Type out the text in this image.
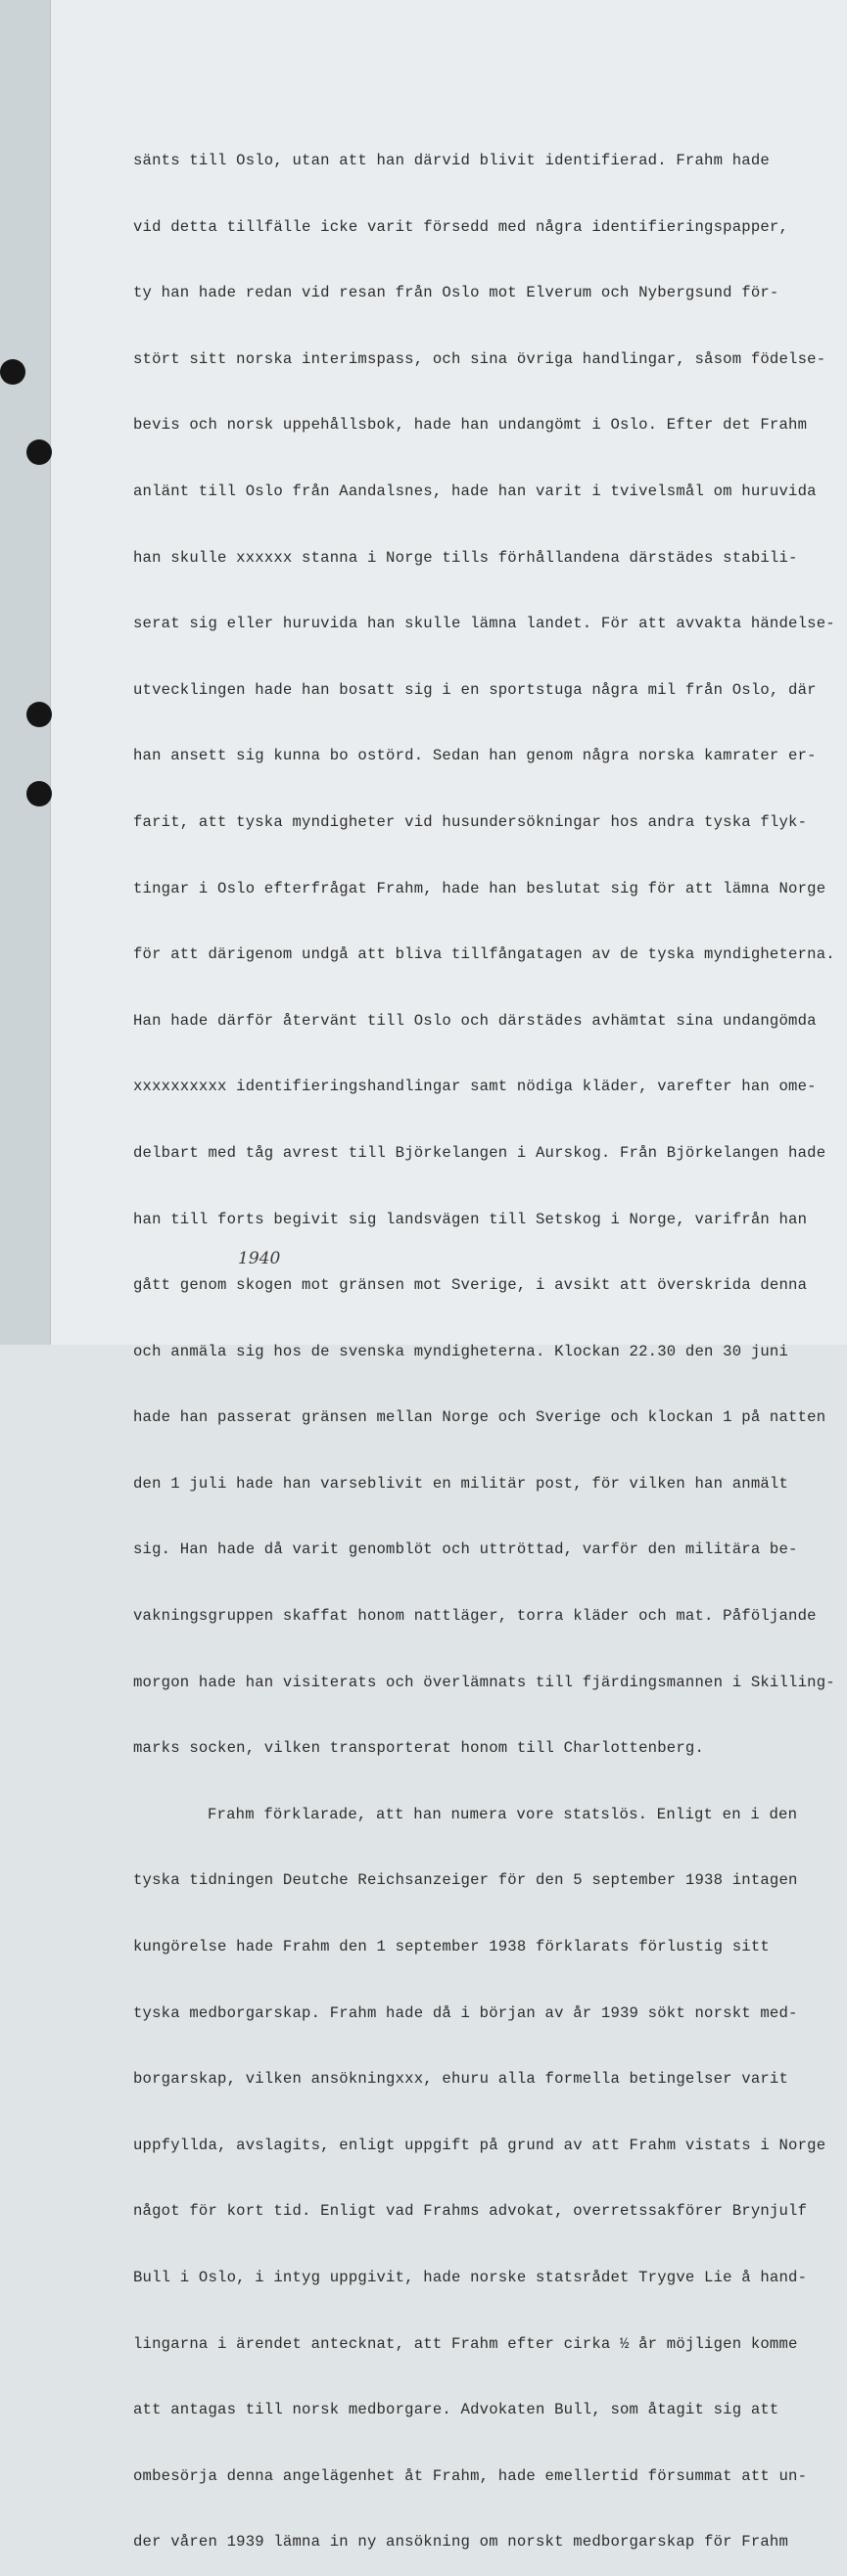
sänts till Oslo, utan att han därvid blivit identifierad. Frahm hade

vid detta tillfälle icke varit försedd med några identifieringspapper,

ty han hade redan vid resan från Oslo mot Elverum och Nybergsund för-

stört sitt norska interimspass, och sina övriga handlingar, såsom födelse-

bevis och norsk uppehållsbok, hade han undangömt i Oslo. Efter det Frahm

anlänt till Oslo från Aandalsnes, hade han varit i tvivelsmål om huruvida

han skulle xxxxxx stanna i Norge tills förhållandena därstädes stabili-

serat sig eller huruvida han skulle lämna landet. För att avvakta händelse-

utvecklingen hade han bosatt sig i en sportstuga några mil från Oslo, där

han ansett sig kunna bo ostörd. Sedan han genom några norska kamrater er-

farit, att tyska myndigheter vid husundersökningar hos andra tyska flyk-

tingar i Oslo efterfrågat Frahm, hade han beslutat sig för att lämna Norge

för att därigenom undgå att bliva tillfångatagen av de tyska myndigheterna.

Han hade därför återvänt till Oslo och därstädes avhämtat sina undangömda

xxxxxxxxxx identifieringshandlingar samt nödiga kläder, varefter han ome-

delbart med tåg avrest till Björkelangen i Aurskog. Från Björkelangen hade

han till forts begivit sig landsvägen till Setskog i Norge, varifrån han

gått genom skogen mot gränsen mot Sverige, i avsikt att överskrida denna

och anmäla sig hos de svenska myndigheterna. Klockan 22.30 den 30 juni

hade han passerat gränsen mellan Norge och Sverige och klockan 1 på natten

den 1 juli hade han varseblivit en militär post, för vilken han anmält

sig. Han hade då varit genomblöt och uttröttad, varför den militära be-

vakningsgruppen skaffat honom nattläger, torra kläder och mat. Påföljande

morgon hade han visiterats och överlämnats till fjärdingsmannen i Skilling-

marks socken, vilken transporterat honom till Charlottenberg.

Frahm förklarade, att han numera vore statslös. Enligt en i den

tyska tidningen Deutche Reichsanzeiger för den 5 september 1938 intagen

kungörelse hade Frahm den 1 september 1938 förklarats förlustig sitt

tyska medborgarskap. Frahm hade då i början av år 1939 sökt norskt med-

borgarskap, vilken ansökningxxx, ehuru alla formella betingelser varit

uppfyllda, avslagits, enligt uppgift på grund av att Frahm vistats i Norge

något för kort tid. Enligt vad Frahms advokat, overretssakförer Brynjulf

Bull i Oslo, i intyg uppgivit, hade norske statsrådet Trygve Lie å hand-

lingarna i ärendet antecknat, att Frahm efter cirka ½ år möjligen komme

att antagas till norsk medborgare. Advokaten Bull, som åtagit sig att

ombesörja denna angelägenhet åt Frahm, hade emellertid försummat att un-

der våren 1939 lämna in ny ansökning om norskt medborgarskap för Frahm

1940
